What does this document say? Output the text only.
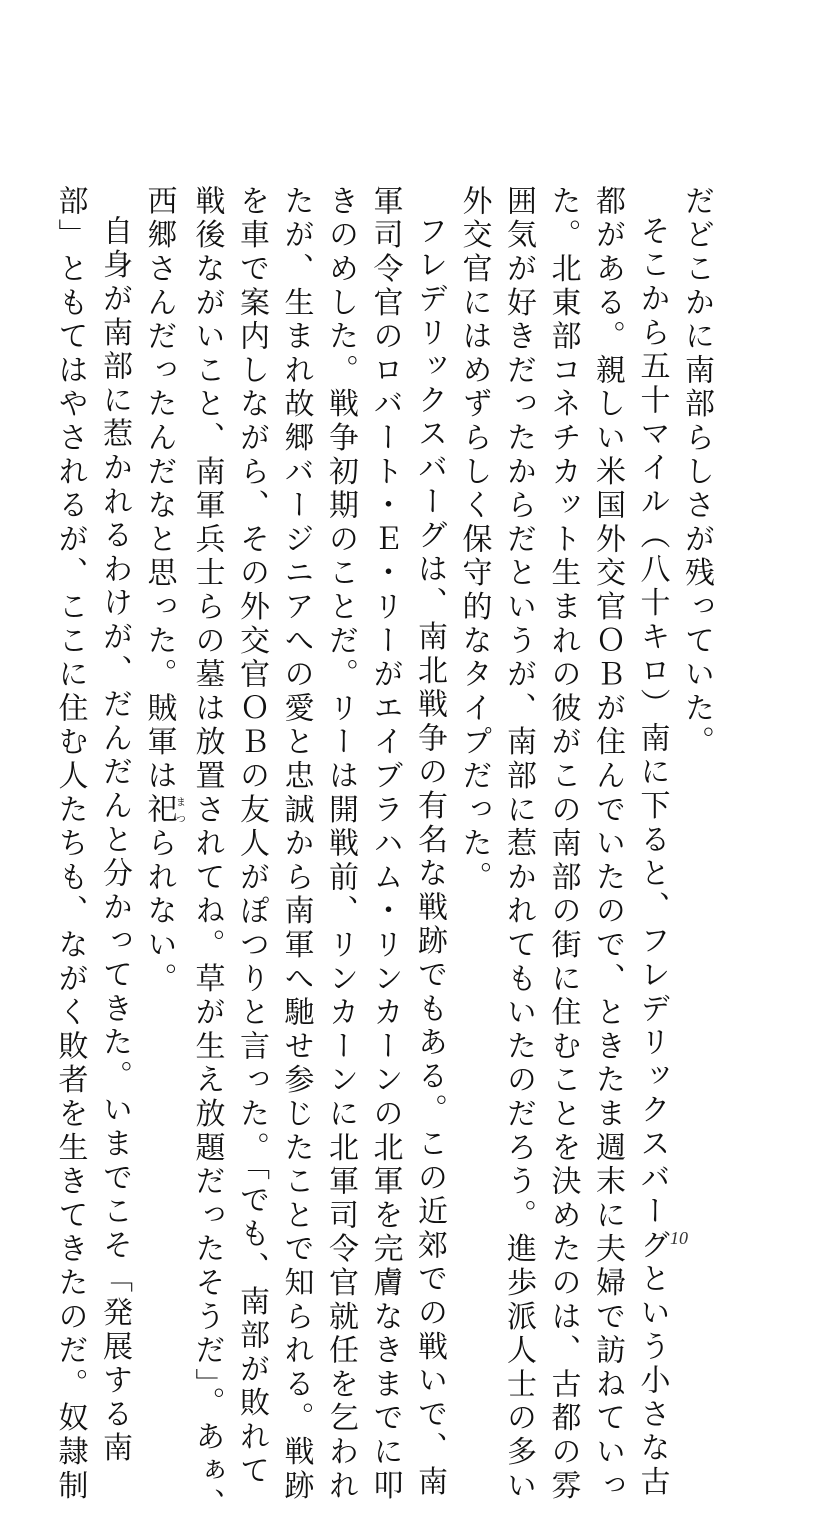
だどこかに南部らしさが残っていた。
そこから五十マイル（八十キロ）南に下ると、フレデリックスバーグという小さな古
都がある。親しい米国外交官ＯＢが住んでいたので、ときたま週末に夫婦で訪ねていっ
た。北東部コネチカット生まれの彼がこの南部の街に住むことを決めたのは、古都の雰
囲気が好きだったからだというが、南部に惹かれてもいたのだろう。進歩派人士の多い
外交官にはめずらしく保守的なタイプだった。
フレデリックスバーグは、南北戦争の有名な戦跡でもある。この近郊での戦いで、南
軍司令官のロバート・Ｅ・リーがエイブラハム・リンカーンの北軍を完膚なきまでに叩
きのめした。戦争初期のことだ。リーは開戦前、リンカーンに北軍司令官就任を乞われ
たが、生まれ故郷バージニアへの愛と忠誠から南軍へ馳せ参じたことで知られる。戦跡
を車で案内しながら、その外交官ＯＢの友人がぽつりと言った。「でも、南部が敗れて
戦後ながいこと、南軍兵士らの墓は放置されてね。草が生え放題だったそうだ」。あぁ、
西郷さんだったんだなと思った。賊軍は祀まつられない。
自身が南部に惹かれるわけが、だんだんと分かってきた。いまでこそ「発展する南
部」ともてはやされるが、ここに住む人たちも、ながく敗者を生きてきたのだ。奴隷制	10
